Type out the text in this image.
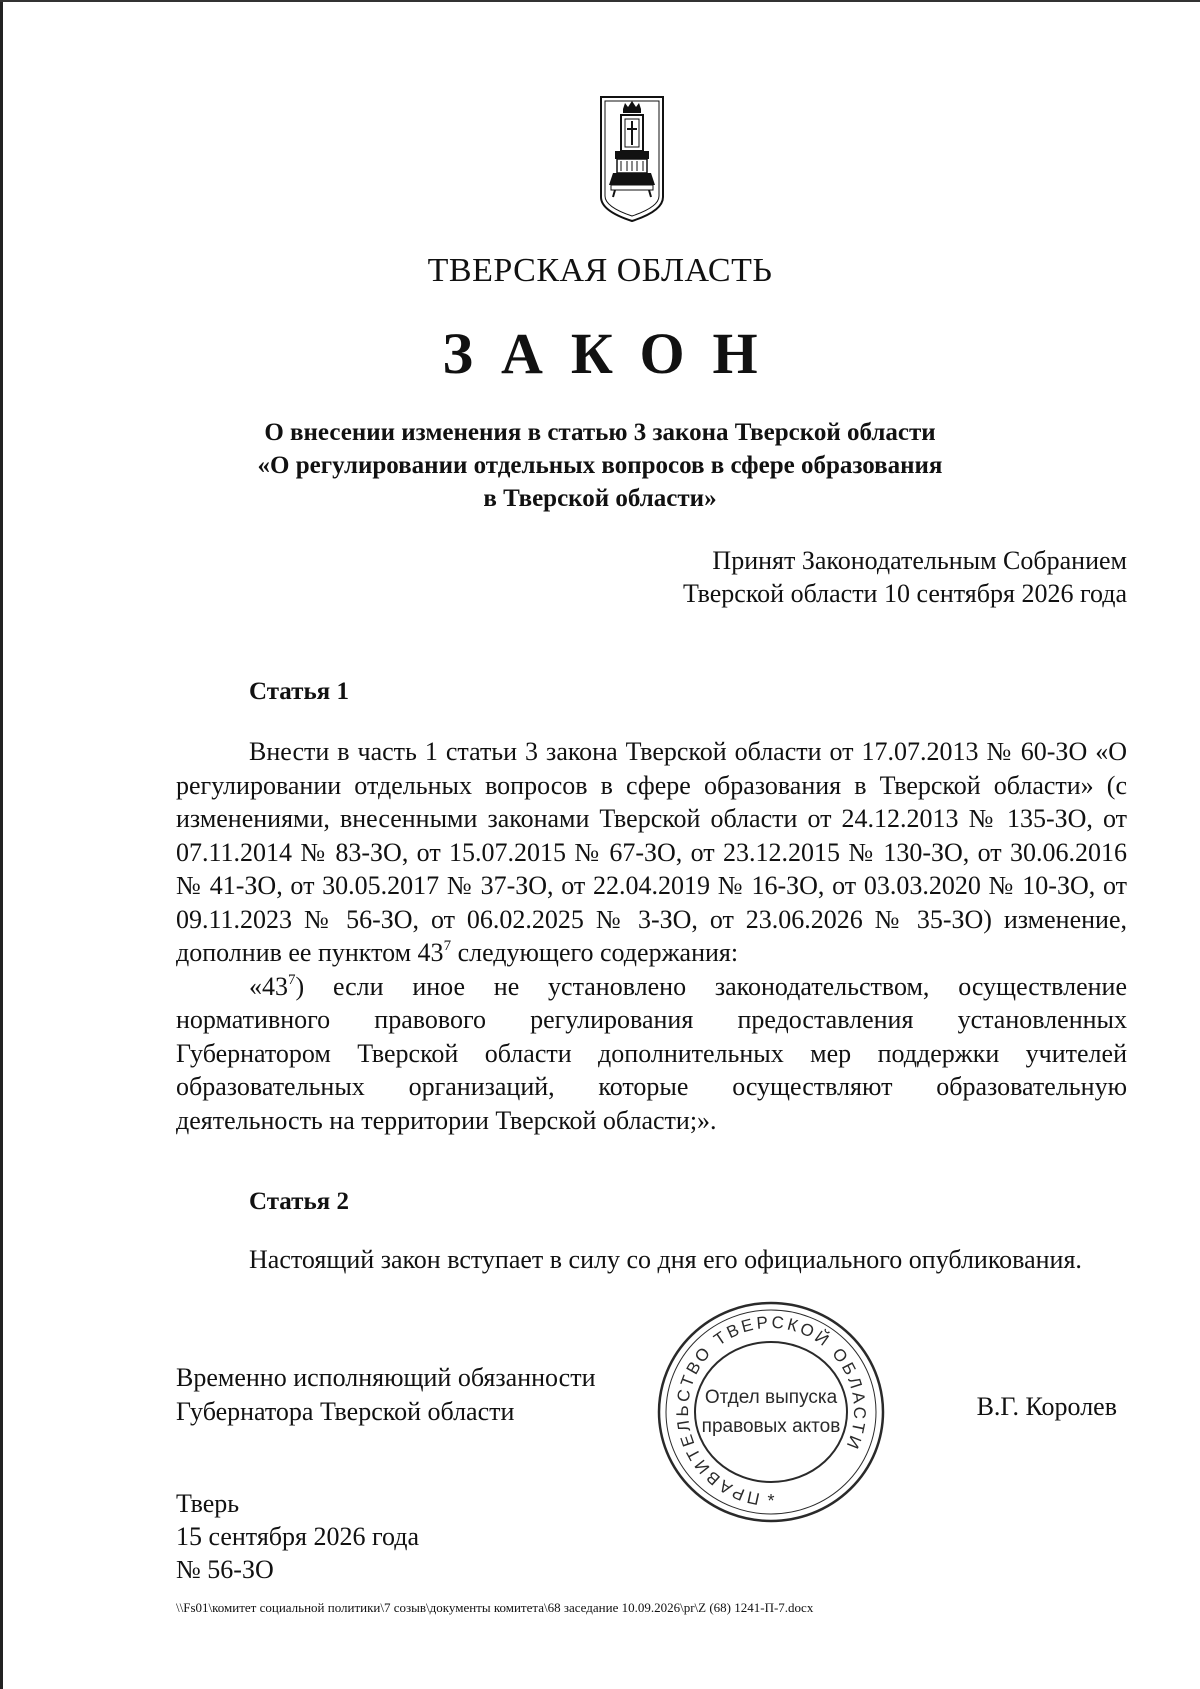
ТВЕРСКАЯ ОБЛАСТЬ
ЗАКОН
О внесении изменения в статью 3 закона Тверской области
«О регулировании отдельных вопросов в сфере образования
в Тверской области»
Принят Законодательным Собранием
Тверской области 10 сентября 2026 года
Статья 1

Внести в часть 1 статьи 3 закона Тверской области от 17.07.2013 № 60-ЗО «О регулировании отдельных вопросов в сфере образования в Тверской области» (с изменениями, внесенными законами Тверской области от 24.12.2013 № 135-ЗО, от 07.11.2014 № 83-ЗО, от 15.07.2015 № 67-ЗО, от 23.12.2015 № 130-ЗО, от 30.06.2016 № 41-ЗО, от 30.05.2017 № 37-ЗО, от 22.04.2019 № 16-ЗО, от 03.03.2020 № 10-ЗО, от 09.11.2023 № 56-ЗО, от 06.02.2025 № 3-ЗО, от 23.06.2026 № 35-ЗО) изменение, дополнив ее пунктом $43^7$ следующего содержания:

«$43^7$) если иное не установлено законодательством, осуществление нормативного правового регулирования предоставления установленных Губернатором Тверской области дополнительных мер поддержки учителей образовательных организаций, которые осуществляют образовательную деятельность на территории Тверской области;».

Статья 2

Настоящий закон вступает в силу со дня его официального опубликования.

Временно исполняющий обязанности
Губернатора Тверской области
ПРАВИТЕЛЬСТВО ТВЕРСКОЙ ОБЛАСТИ
Отдел выпуска
правовых актов
*
В.Г. Королев
Тверь
15 сентября 2026 года
№ 56-ЗО
\\Fs01\комитет социальной политики\7 созыв\документы комитета\68 заседание 10.09.2026\pr\Z (68) 1241-П-7.docx
